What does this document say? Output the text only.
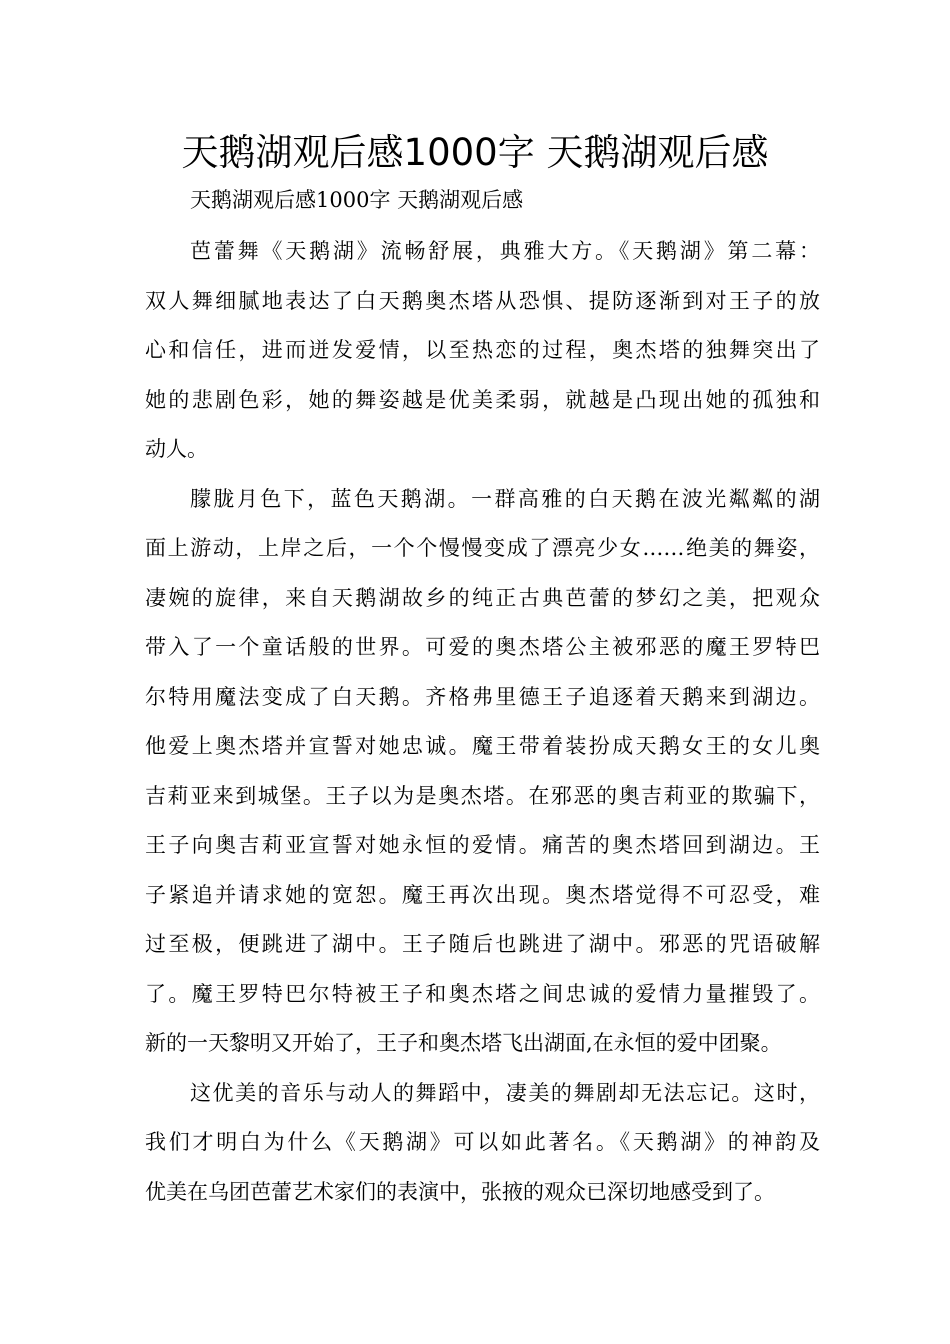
天鹅湖观后感1000字 天鹅湖观后感

天鹅湖观后感1000字 天鹅湖观后感

芭蕾舞《天鹅湖》流畅舒展，典雅大方。《天鹅湖》第二幕：
双人舞细腻地表达了白天鹅奥杰塔从恐惧、提防逐渐到对王子的放
心和信任，进而迸发爱情，以至热恋的过程，奥杰塔的独舞突出了
她的悲剧色彩，她的舞姿越是优美柔弱，就越是凸现出她的孤独和
动人。
朦胧月色下，蓝色天鹅湖。一群高雅的白天鹅在波光粼粼的湖
面上游动，上岸之后，一个个慢慢变成了漂亮少女……绝美的舞姿，
凄婉的旋律，来自天鹅湖故乡的纯正古典芭蕾的梦幻之美，把观众
带入了一个童话般的世界。可爱的奥杰塔公主被邪恶的魔王罗特巴
尔特用魔法变成了白天鹅。齐格弗里德王子追逐着天鹅来到湖边。
他爱上奥杰塔并宣誓对她忠诚。魔王带着装扮成天鹅女王的女儿奥
吉莉亚来到城堡。王子以为是奥杰塔。在邪恶的奥吉莉亚的欺骗下，
王子向奥吉莉亚宣誓对她永恒的爱情。痛苦的奥杰塔回到湖边。王
子紧追并请求她的宽恕。魔王再次出现。奥杰塔觉得不可忍受，难
过至极，便跳进了湖中。王子随后也跳进了湖中。邪恶的咒语破解
了。魔王罗特巴尔特被王子和奥杰塔之间忠诚的爱情力量摧毁了。
新的一天黎明又开始了，王子和奥杰塔飞出湖面,在永恒的爱中团聚。
这优美的音乐与动人的舞蹈中，凄美的舞剧却无法忘记。这时，
我们才明白为什么《天鹅湖》可以如此著名。《天鹅湖》的神韵及
优美在乌团芭蕾艺术家们的表演中，张掖的观众已深切地感受到了。
